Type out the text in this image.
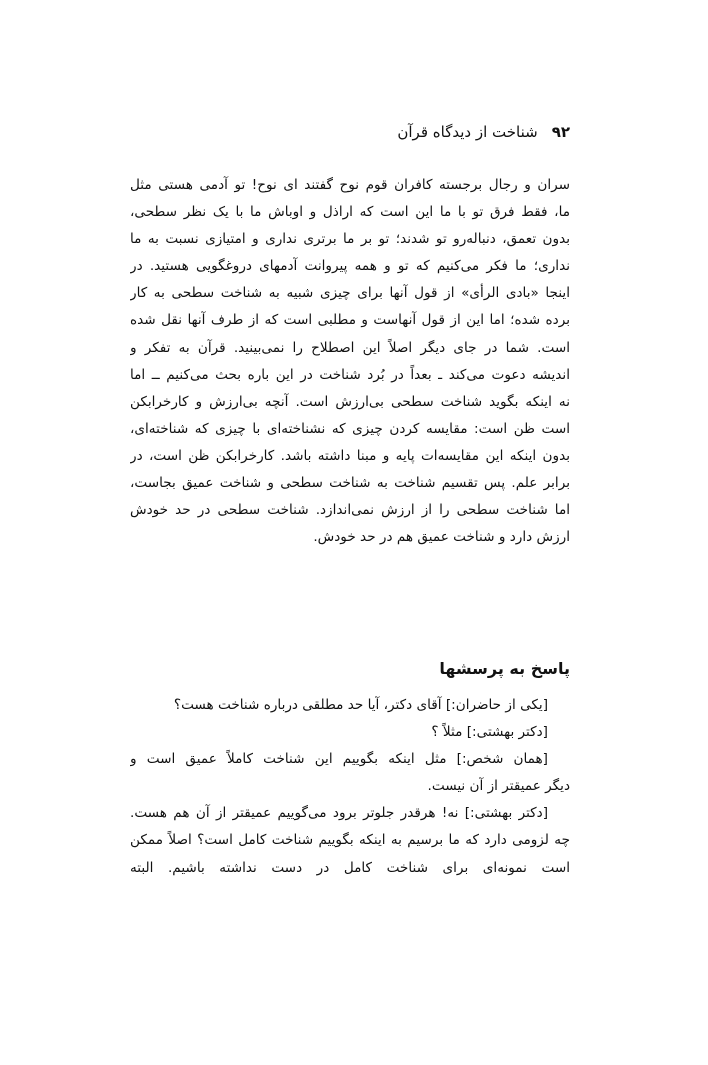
۹۲
شناخت از دیدگاه قرآن
سران و رجال برجسته کافران قوم نوح گفتند ای نوح! تو آدمی هستی مثل
ما، فقط فرق تو با ما این است که اراذل و اوباش ما با یک نظر سطحی،
بدون تعمق، دنباله‌رو تو شدند؛ تو بر ما برتری نداری و امتیازی نسبت به ما
نداری؛ ما فکر می‌کنیم که تو و همه پیروانت آدمهای دروغگویی هستید. در
اینجا «بادی الرأی» از قول آنها برای چیزی شبیه به شناخت سطحی به کار
برده شده؛ اما این از قول آنهاست و مطلبی است که از طرف آنها نقل شده
است. شما در جای دیگر اصلاً این اصطلاح را نمی‌بینید. قرآن به تفکر و
اندیشه دعوت می‌کند ـ بعداً در بُرد شناخت در این باره بحث می‌کنیم ــ اما
نه اینکه بگوید شناخت سطحی بی‌ارزش است. آنچه بی‌ارزش و کارخرابکن
است ظن است: مقایسه کردن چیزی که نشناخته‌ای با چیزی که شناخته‌ای،
بدون اینکه این مقایسه‌ات پایه و مبنا داشته باشد. کارخرابکن ظن است، در
برابر علم. پس تقسیم شناخت به شناخت سطحی و شناخت عمیق بجاست،
اما شناخت سطحی را از ارزش نمی‌اندازد. شناخت سطحی در حد خودش
ارزش دارد و شناخت عمیق هم در حد خودش.
پاسخ به پرسشها
[یکی از حاضران:] آقای دکتر، آیا حد مطلقی درباره شناخت هست؟
[دکتر بهشتی:] مثلاً ؟
[همان شخص:] مثل اینکه بگوییم این شناخت کاملاً عمیق است و
دیگر عمیقتر از آن نیست.
[دکتر بهشتی:] نه! هرقدر جلوتر برود می‌گوییم عمیقتر از آن هم هست.
چه لزومی دارد که ما برسیم به اینکه بگوییم شناخت کامل است؟ اصلاً ممکن
است نمونه‌ای برای شناخت کامل در دست نداشته باشیم. البته
